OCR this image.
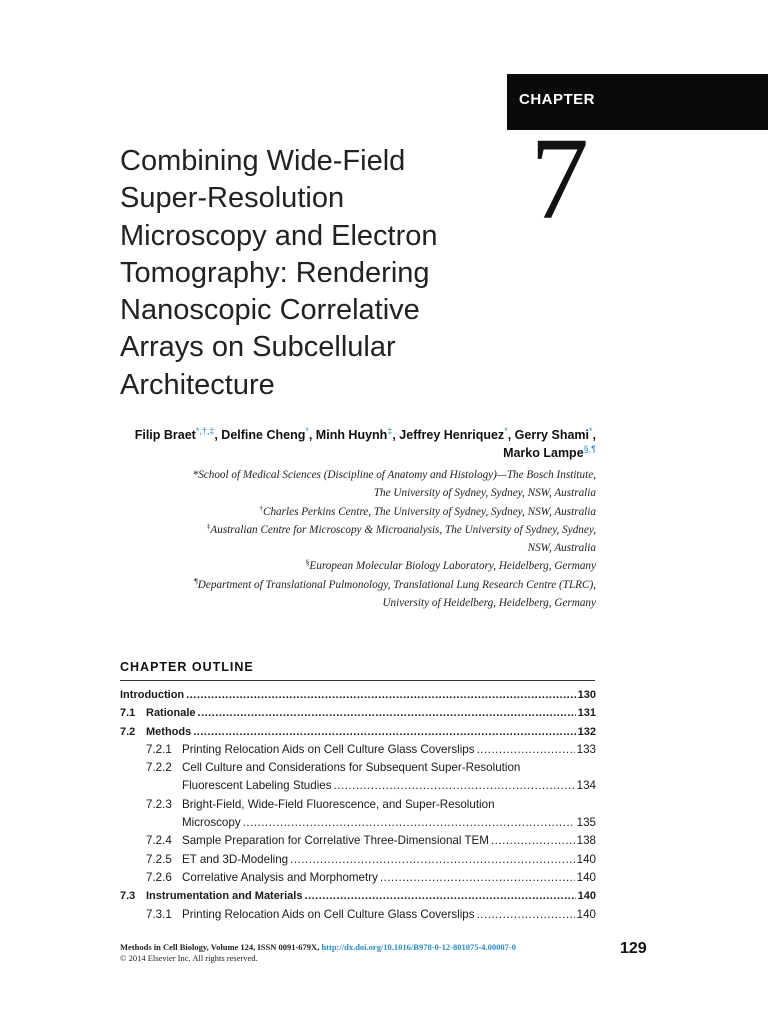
CHAPTER
7
Combining Wide-Field
Super-Resolution
Microscopy and Electron
Tomography: Rendering
Nanoscopic Correlative
Arrays on Subcellular
Architecture
Filip Braet*,†,‡, Delfine Cheng*, Minh Huynh‡, Jeffrey Henriquez*, Gerry Shami*,
Marko Lampe§,¶
*School of Medical Sciences (Discipline of Anatomy and Histology)—The Bosch Institute,
The University of Sydney, Sydney, NSW, Australia
†Charles Perkins Centre, The University of Sydney, Sydney, NSW, Australia
‡Australian Centre for Microscopy & Microanalysis, The University of Sydney, Sydney,
NSW, Australia
§European Molecular Biology Laboratory, Heidelberg, Germany
¶Department of Translational Pulmonology, Translational Lung Research Centre (TLRC),
University of Heidelberg, Heidelberg, Germany
CHAPTER OUTLINE
Introduction .....	130
7.1 Rationale .....	131
7.2 Methods .....	132
7.2.1 Printing Relocation Aids on Cell Culture Glass Coverslips .....	133
7.2.2 Cell Culture and Considerations for Subsequent Super-Resolution
Fluorescent Labeling Studies .....	134
7.2.3 Bright-Field, Wide-Field Fluorescence, and Super-Resolution
Microscopy .....	135
7.2.4 Sample Preparation for Correlative Three-Dimensional TEM .....	138
7.2.5 ET and 3D-Modeling .....	140
7.2.6 Correlative Analysis and Morphometry .....	140
7.3 Instrumentation and Materials .....	140
7.3.1 Printing Relocation Aids on Cell Culture Glass Coverslips .....	140
Methods in Cell Biology, Volume 124, ISSN 0091-679X, http://dx.doi.org/10.1016/B978-0-12-801075-4.00007-0
© 2014 Elsevier Inc. All rights reserved.
129
